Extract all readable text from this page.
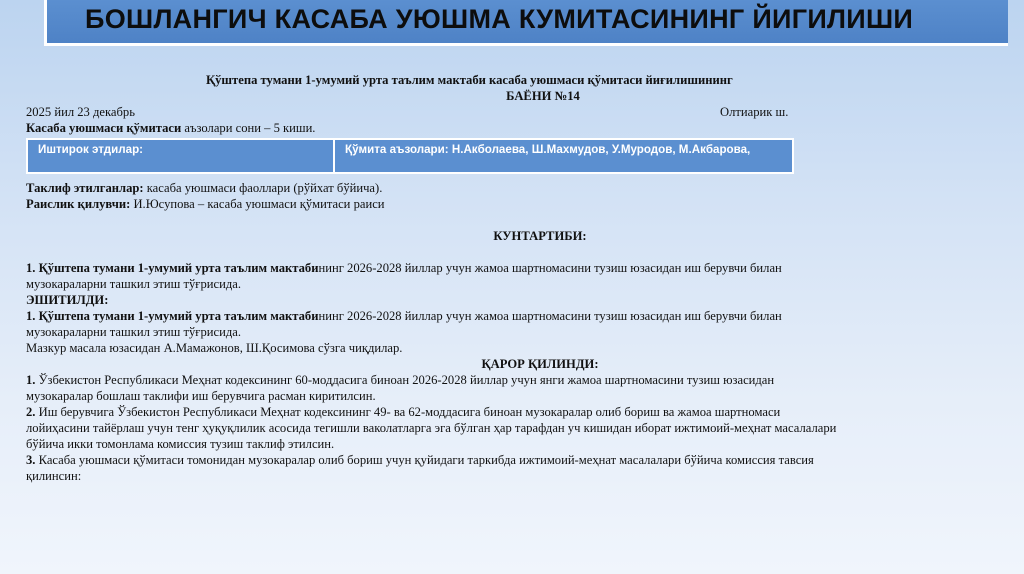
БОШЛАНГИЧ КАСАБА УЮШМА КУМИТАСИНИНГ ЙИГИЛИШИ
Қўштепа тумани 1-умумий урта таълим мактаби касаба уюшмаси қўмитаси йиғилишининг
БАЁНИ №14
2025 йил 23 декабрь	Олтиарик ш.

Касаба уюшмаси қўмитаси аъзолари сони – 5 киши.

Иштирок этдилар:	Қўмита аъзолари: Н.Акболаева, Ш.Махмудов, У.Муродов, М.Акбарова,

Таклиф этилганлар: касаба уюшмаси фаоллари (рўйхат бўйича).

Раислик қилувчи: И.Юсупова – касаба уюшмаси қўмитаси раиси

КУНТАРТИБИ:

1. Қўштепа тумани 1-умумий урта таълим мактабининг 2026-2028 йиллар учун жамоа шартномасини тузиш юзасидан иш берувчи билан

музокараларни ташкил этиш тўғрисида.

ЭШИТИЛДИ:

1. Қўштепа тумани 1-умумий урта таълим мактабининг 2026-2028 йиллар учун жамоа шартномасини тузиш юзасидан иш берувчи билан

музокараларни ташкил этиш тўғрисида.

Мазкур масала юзасидан А.Мамажонов, Ш.Қосимова сўзга чиқдилар.

ҚАРОР ҚИЛИНДИ:

1. Ўзбекистон Республикаси Меҳнат кодексининг 60-моддасига биноан 2026-2028 йиллар учун янги жамоа шартномасини тузиш юзасидан

музокаралар бошлаш таклифи иш берувчига расман киритилсин.

2. Иш берувчига Ўзбекистон Республикаси Меҳнат кодексининг 49- ва 62-моддасига биноан музокаралар олиб бориш ва жамоа шартномаси

лойиҳасини тайёрлаш учун тенг ҳуқуқлилик асосида тегишли ваколатларга эга бўлган ҳар тарафдан уч кишидан иборат ижтимоий-меҳнат масалалари

бўйича икки томонлама комиссия тузиш таклиф этилсин.

3. Касаба уюшмаси қўмитаси томонидан музокаралар олиб бориш учун қуйидаги таркибда ижтимоий-меҳнат масалалари бўйича комиссия тавсия

қилинсин:
